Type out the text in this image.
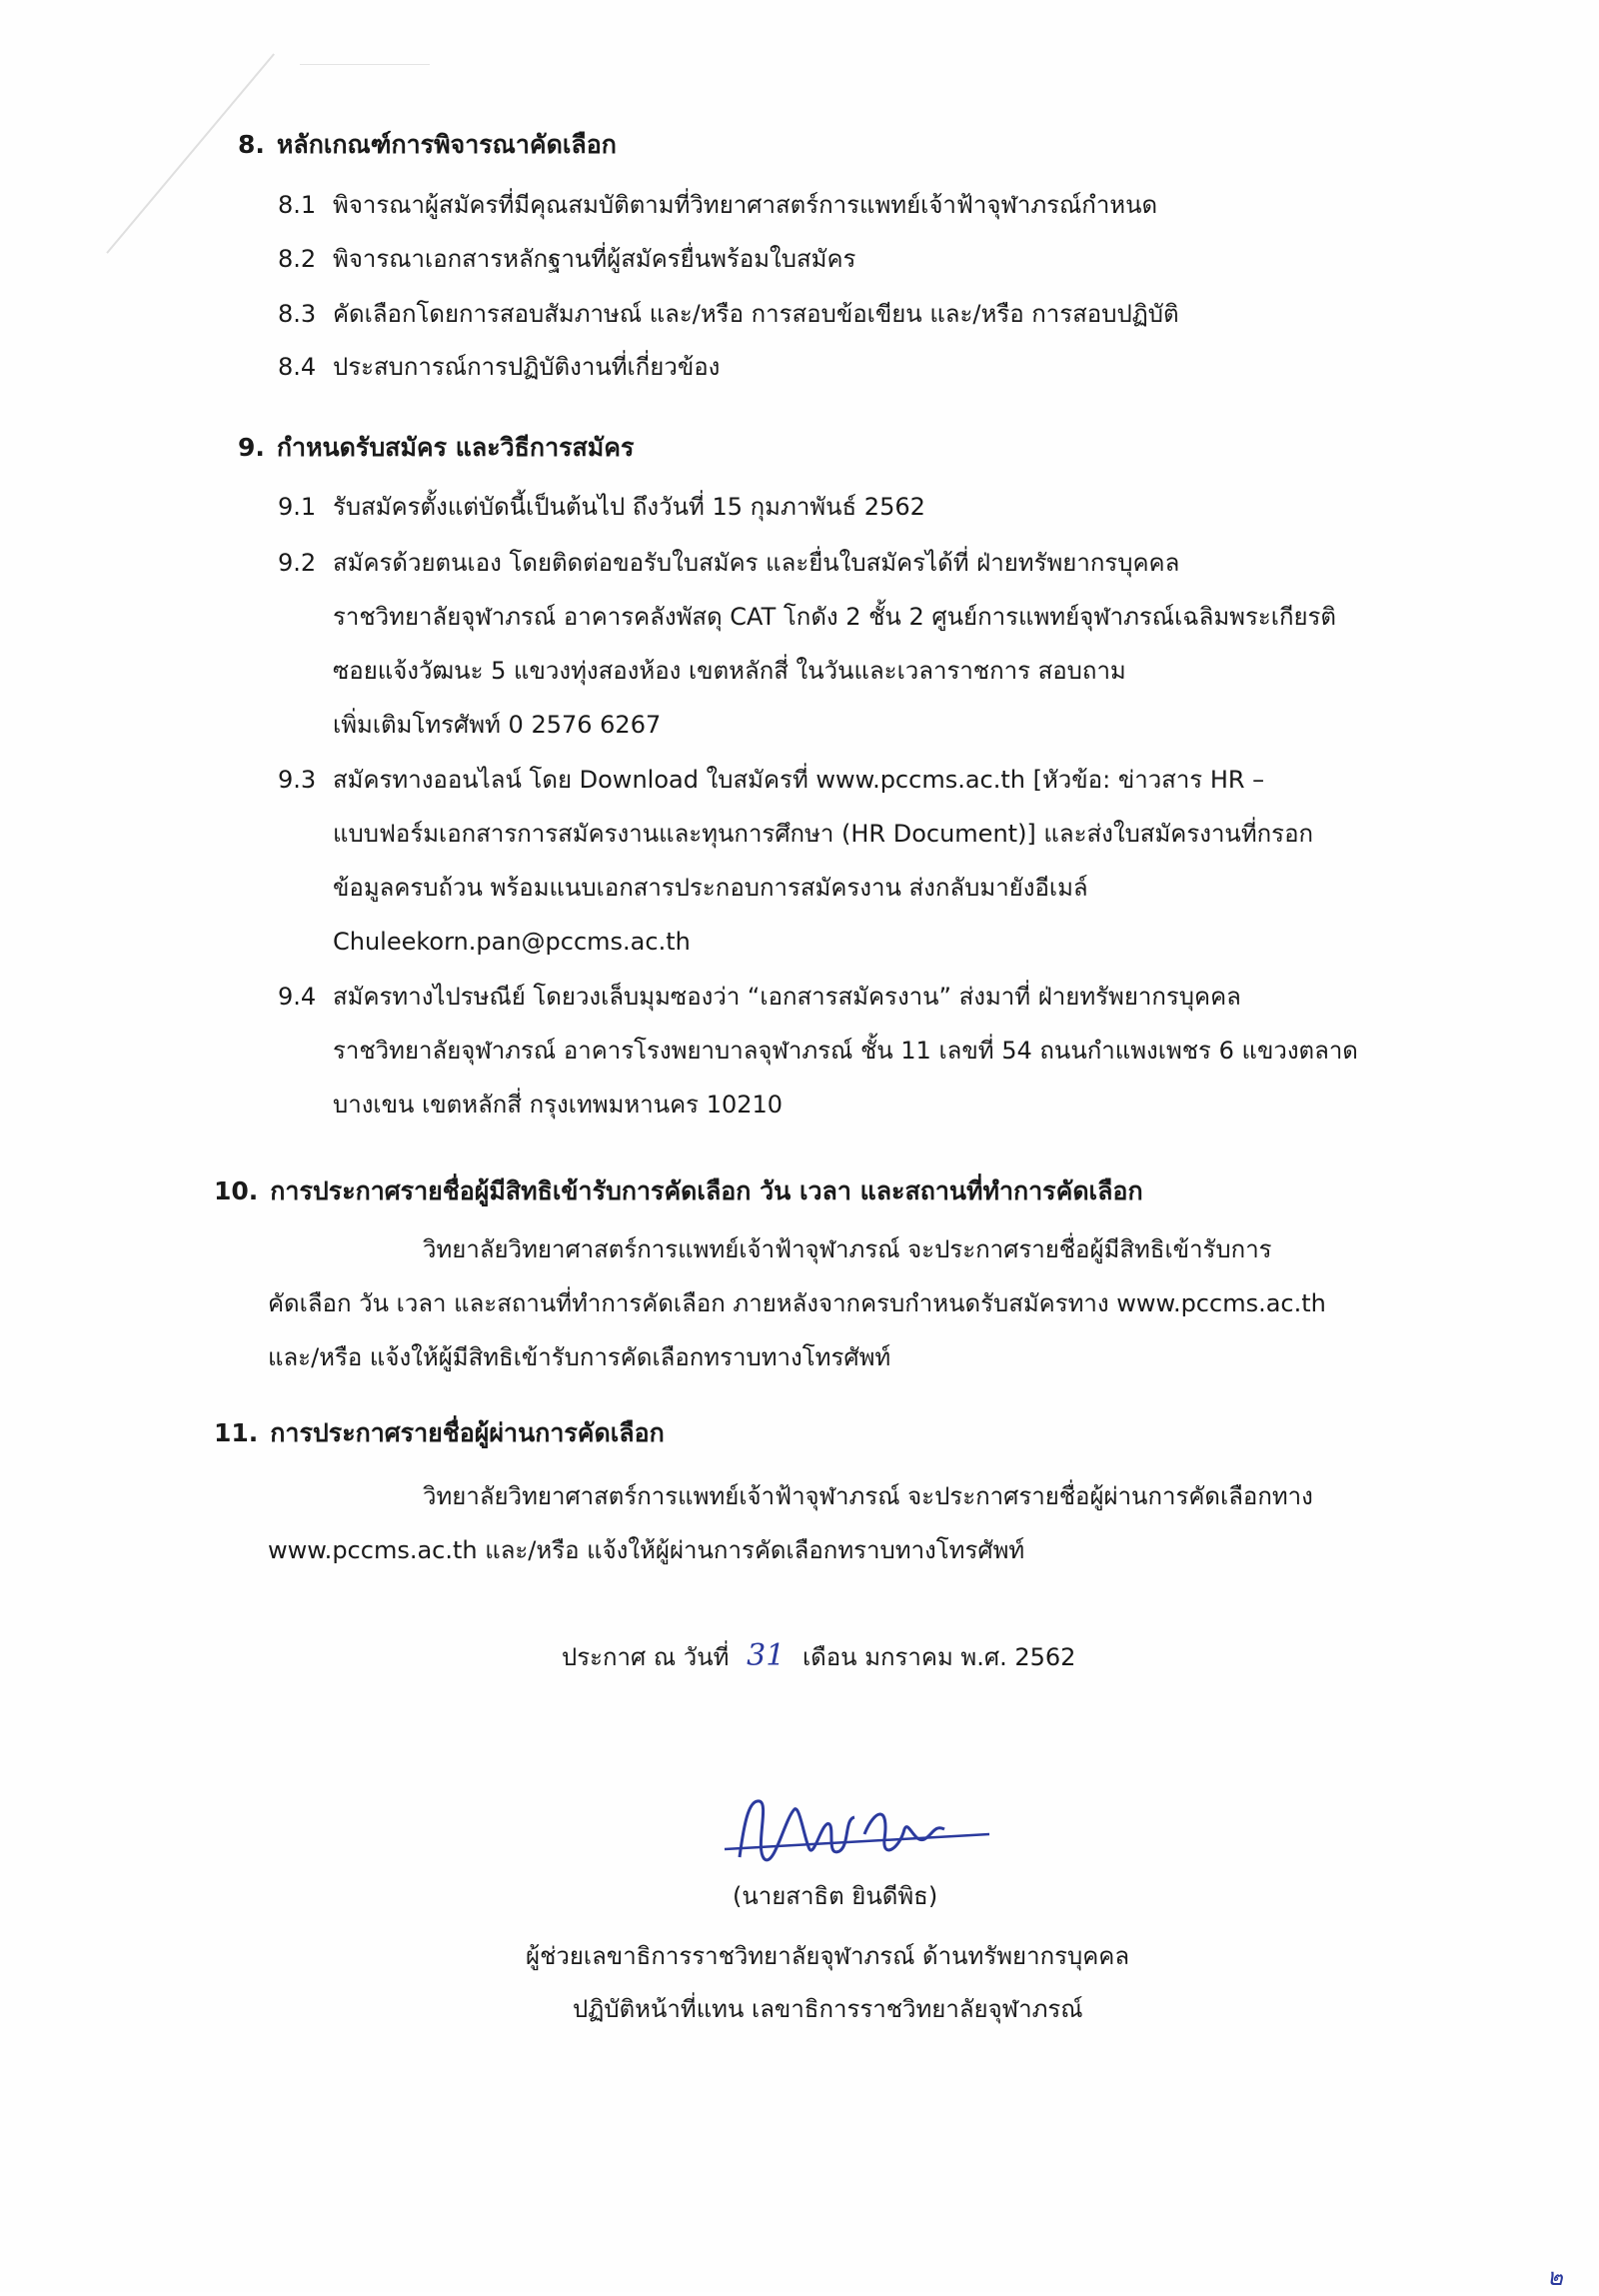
8. หลักเกณฑ์การพิจารณาคัดเลือก
8.1 พิจารณาผู้สมัครที่มีคุณสมบัติตามที่วิทยาศาสตร์การแพทย์เจ้าฟ้าจุฬาภรณ์กำหนด
8.2 พิจารณาเอกสารหลักฐานที่ผู้สมัครยื่นพร้อมใบสมัคร
8.3 คัดเลือกโดยการสอบสัมภาษณ์ และ/หรือ การสอบข้อเขียน และ/หรือ การสอบปฏิบัติ
8.4 ประสบการณ์การปฏิบัติงานที่เกี่ยวข้อง
9. กำหนดรับสมัคร และวิธีการสมัคร
9.1 รับสมัครตั้งแต่บัดนี้เป็นต้นไป ถึงวันที่ 15 กุมภาพันธ์ 2562
9.2 สมัครด้วยตนเอง โดยติดต่อขอรับใบสมัคร และยื่นใบสมัครได้ที่ ฝ่ายทรัพยากรบุคคล
ราชวิทยาลัยจุฬาภรณ์ อาคารคลังพัสดุ CAT โกดัง 2 ชั้น 2 ศูนย์การแพทย์จุฬาภรณ์เฉลิมพระเกียรติ
ซอยแจ้งวัฒนะ 5 แขวงทุ่งสองห้อง เขตหลักสี่ ในวันและเวลาราชการ สอบถาม
เพิ่มเติมโทรศัพท์ 0 2576 6267
9.3 สมัครทางออนไลน์ โดย Download ใบสมัครที่ www.pccms.ac.th [หัวข้อ: ข่าวสาร HR –
แบบฟอร์มเอกสารการสมัครงานและทุนการศึกษา (HR Document)] และส่งใบสมัครงานที่กรอก
ข้อมูลครบถ้วน พร้อมแนบเอกสารประกอบการสมัครงาน ส่งกลับมายังอีเมล์
Chuleekorn.pan@pccms.ac.th
9.4 สมัครทางไปรษณีย์ โดยวงเล็บมุมซองว่า “เอกสารสมัครงาน” ส่งมาที่ ฝ่ายทรัพยากรบุคคล
ราชวิทยาลัยจุฬาภรณ์ อาคารโรงพยาบาลจุฬาภรณ์ ชั้น 11 เลขที่ 54 ถนนกำแพงเพชร 6 แขวงตลาด
บางเขน เขตหลักสี่ กรุงเทพมหานคร 10210
10. การประกาศรายชื่อผู้มีสิทธิเข้ารับการคัดเลือก วัน เวลา และสถานที่ทำการคัดเลือก
วิทยาลัยวิทยาศาสตร์การแพทย์เจ้าฟ้าจุฬาภรณ์ จะประกาศรายชื่อผู้มีสิทธิเข้ารับการ
คัดเลือก วัน เวลา และสถานที่ทำการคัดเลือก ภายหลังจากครบกำหนดรับสมัครทาง www.pccms.ac.th
และ/หรือ แจ้งให้ผู้มีสิทธิเข้ารับการคัดเลือกทราบทางโทรศัพท์
11. การประกาศรายชื่อผู้ผ่านการคัดเลือก
วิทยาลัยวิทยาศาสตร์การแพทย์เจ้าฟ้าจุฬาภรณ์ จะประกาศรายชื่อผู้ผ่านการคัดเลือกทาง
www.pccms.ac.th และ/หรือ แจ้งให้ผู้ผ่านการคัดเลือกทราบทางโทรศัพท์
ประกาศ ณ วันที่ 31 เดือน มกราคม พ.ศ. 2562
(นายสาธิต ยินดีพิธ)
ผู้ช่วยเลขาธิการราชวิทยาลัยจุฬาภรณ์ ด้านทรัพยากรบุคคล
ปฏิบัติหน้าที่แทน เลขาธิการราชวิทยาลัยจุฬาภรณ์
๒
